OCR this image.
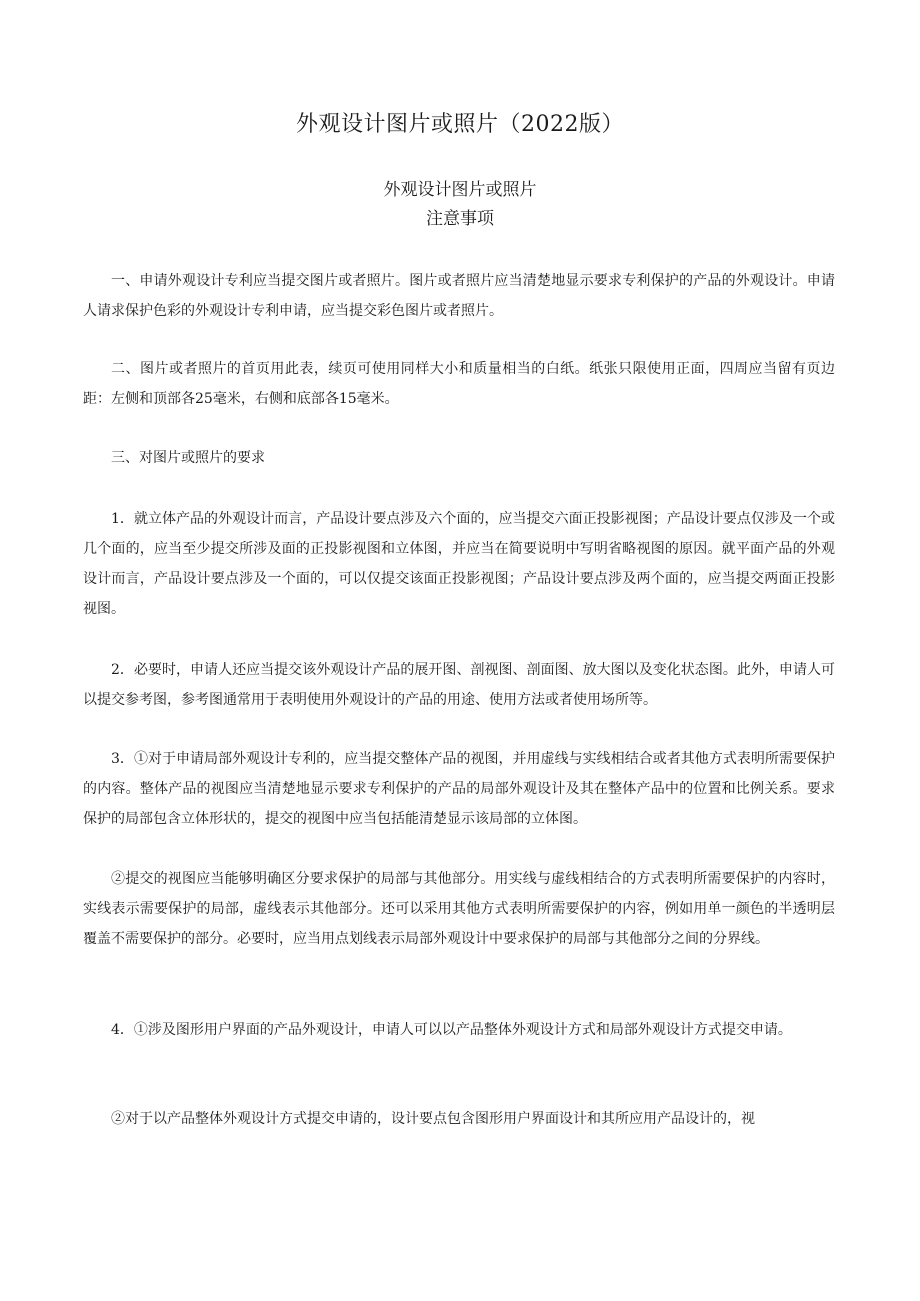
外观设计图片或照片（2022版）
外观设计图片或照片
注意事项

一、申请外观设计专利应当提交图片或者照片。图片或者照片应当清楚地显示要求专利保护的产品的外观设计。申请人请求保护色彩的外观设计专利申请，应当提交彩色图片或者照片。

二、图片或者照片的首页用此表，续页可使用同样大小和质量相当的白纸。纸张只限使用正面，四周应当留有页边距：左侧和顶部各25毫米，右侧和底部各15毫米。

三、对图片或照片的要求

1．就立体产品的外观设计而言，产品设计要点涉及六个面的，应当提交六面正投影视图；产品设计要点仅涉及一个或几个面的，应当至少提交所涉及面的正投影视图和立体图，并应当在简要说明中写明省略视图的原因。就平面产品的外观设计而言，产品设计要点涉及一个面的，可以仅提交该面正投影视图；产品设计要点涉及两个面的，应当提交两面正投影视图。

2．必要时，申请人还应当提交该外观设计产品的展开图、剖视图、剖面图、放大图以及变化状态图。此外，申请人可以提交参考图，参考图通常用于表明使用外观设计的产品的用途、使用方法或者使用场所等。

3．①对于申请局部外观设计专利的，应当提交整体产品的视图，并用虚线与实线相结合或者其他方式表明所需要保护的内容。整体产品的视图应当清楚地显示要求专利保护的产品的局部外观设计及其在整体产品中的位置和比例关系。要求保护的局部包含立体形状的，提交的视图中应当包括能清楚显示该局部的立体图。

②提交的视图应当能够明确区分要求保护的局部与其他部分。用实线与虚线相结合的方式表明所需要保护的内容时，实线表示需要保护的局部，虚线表示其他部分。还可以采用其他方式表明所需要保护的内容，例如用单一颜色的半透明层覆盖不需要保护的部分。必要时，应当用点划线表示局部外观设计中要求保护的局部与其他部分之间的分界线。

4．①涉及图形用户界面的产品外观设计，申请人可以以产品整体外观设计方式和局部外观设计方式提交申请。

②对于以产品整体外观设计方式提交申请的，设计要点包含图形用户界面设计和其所应用产品设计的，视
